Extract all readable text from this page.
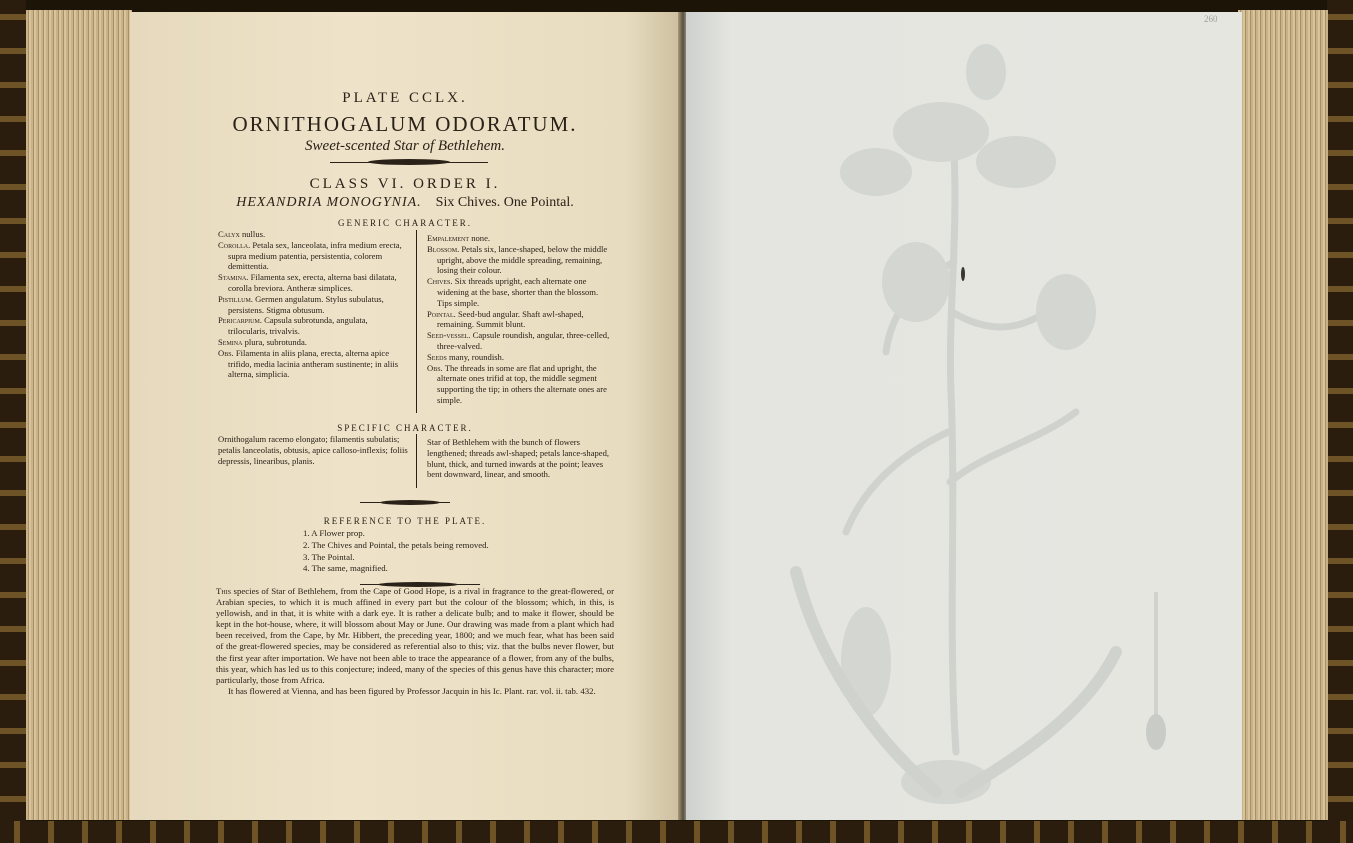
260

PLATE CCLX.

ORNITHOGALUM ODORATUM.

Sweet-scented Star of Bethlehem.

CLASS VI. ORDER I.

HEXANDRIA MONOGYNIA. Six Chives. One Pointal.

GENERIC CHARACTER.

Calyx nullus.

Corolla. Petala sex, lanceolata, infra medium erecta, supra medium patentia, persistentia, colorem demittentia.

Stamina. Filamenta sex, erecta, alterna basi dilatata, corolla breviora. Antheræ simplices.

Pistillum. Germen angulatum. Stylus subulatus, persistens. Stigma obtusum.

Pericarpium. Capsula subrotunda, angulata, trilocularis, trivalvis.

Semina plura, subrotunda.

Obs. Filamenta in aliis plana, erecta, alterna apice trifido, media lacinia antheram sustinente; in aliis alterna, simplicia.

Empalement none.

Blossom. Petals six, lance-shaped, below the middle upright, above the middle spreading, remaining, losing their colour.

Chives. Six threads upright, each alternate one widening at the base, shorter than the blossom. Tips simple.

Pointal. Seed-bud angular. Shaft awl-shaped, remaining. Summit blunt.

Seed-vessel. Capsule roundish, angular, three-celled, three-valved.

Seeds many, roundish.

Obs. The threads in some are flat and upright, the alternate ones trifid at top, the middle segment supporting the tip; in others the alternate ones are simple.

SPECIFIC CHARACTER.

Ornithogalum racemo elongato; filamentis subulatis; petalis lanceolatis, obtusis, apice calloso-inflexis; foliis depressis, linearibus, planis.

Star of Bethlehem with the bunch of flowers lengthened; threads awl-shaped; petals lance-shaped, blunt, thick, and turned inwards at the point; leaves bent downward, linear, and smooth.

REFERENCE TO THE PLATE.

1. A Flower prop.

2. The Chives and Pointal, the petals being removed.

3. The Pointal.

4. The same, magnified.

This species of Star of Bethlehem, from the Cape of Good Hope, is a rival in fragrance to the great-flowered, or Arabian species, to which it is much affined in every part but the colour of the blossom; which, in this, is yellowish, and in that, it is white with a dark eye. It is rather a delicate bulb; and to make it flower, should be kept in the hot-house, where, it will blossom about May or June. Our drawing was made from a plant which had been received, from the Cape, by Mr. Hibbert, the preceding year, 1800; and we much fear, what has been said of the great-flowered species, may be considered as referential also to this; viz. that the bulbs never flower, but the first year after importation. We have not been able to trace the appearance of a flower, from any of the bulbs, this year, which has led us to this conjecture; indeed, many of the species of this genus have this character; more particularly, those from Africa.

It has flowered at Vienna, and has been figured by Professor Jacquin in his Ic. Plant. rar. vol. ii. tab. 432.
